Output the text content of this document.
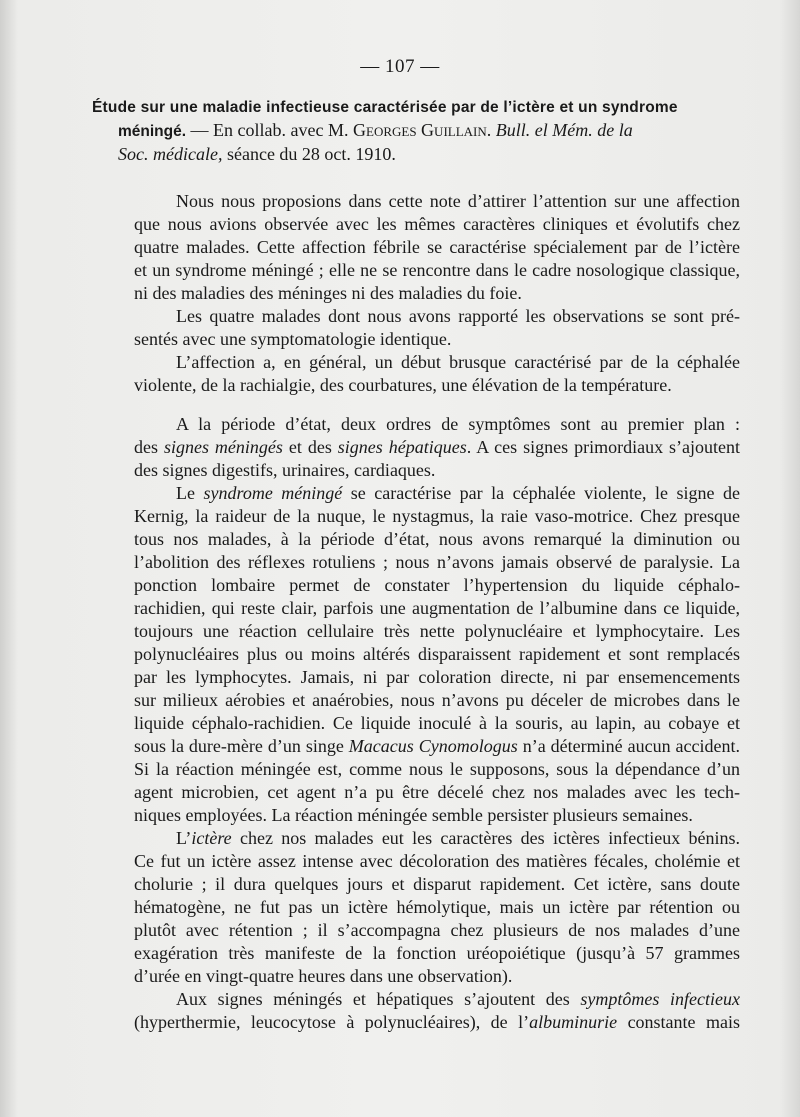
— 107 —
Étude sur une maladie infectieuse caractérisée par de l’ictère et un syndrome
méningé. — En collab. avec M. Georges Guillain. Bull. el Mém. de la
Soc. médicale, séance du 28 oct. 1910.

Nous nous proposions dans cette note d’attirer l’attention sur une affection
que nous avions observée avec les mêmes caractères cliniques et évolutifs chez
quatre malades. Cette affection fébrile se caractérise spécialement par de l’ictère
et un syndrome méningé ; elle ne se rencontre dans le cadre nosologique classique,
ni des maladies des méninges ni des maladies du foie.

Les quatre malades dont nous avons rapporté les observations se sont pré-
sentés avec une symptomatologie identique.

L’affection a, en général, un début brusque caractérisé par de la céphalée
violente, de la rachialgie, des courbatures, une élévation de la température.

A la période d’état, deux ordres de symptômes sont au premier plan :
des signes méningés et des signes hépatiques. A ces signes primordiaux s’ajoutent
des signes digestifs, urinaires, cardiaques.

Le syndrome méningé se caractérise par la céphalée violente, le signe de
Kernig, la raideur de la nuque, le nystagmus, la raie vaso-motrice. Chez presque
tous nos malades, à la période d’état, nous avons remarqué la diminution ou
l’abolition des réflexes rotuliens ; nous n’avons jamais observé de paralysie. La
ponction lombaire permet de constater l’hypertension du liquide céphalo-
rachidien, qui reste clair, parfois une augmentation de l’albumine dans ce liquide,
toujours une réaction cellulaire très nette polynucléaire et lymphocytaire. Les
polynucléaires plus ou moins altérés disparaissent rapidement et sont remplacés
par les lymphocytes. Jamais, ni par coloration directe, ni par ensemencements
sur milieux aérobies et anaérobies, nous n’avons pu déceler de microbes dans le
liquide céphalo-rachidien. Ce liquide inoculé à la souris, au lapin, au cobaye et
sous la dure-mère d’un singe Macacus Cynomologus n’a déterminé aucun accident.
Si la réaction méningée est, comme nous le supposons, sous la dépendance d’un
agent microbien, cet agent n’a pu être décelé chez nos malades avec les tech-
niques employées. La réaction méningée semble persister plusieurs semaines.

L’ictère chez nos malades eut les caractères des ictères infectieux bénins.
Ce fut un ictère assez intense avec décoloration des matières fécales, cholémie et
cholurie ; il dura quelques jours et disparut rapidement. Cet ictère, sans doute
hématogène, ne fut pas un ictère hémolytique, mais un ictère par rétention ou
plutôt avec rétention ; il s’accompagna chez plusieurs de nos malades d’une
exagération très manifeste de la fonction uréopoiétique (jusqu’à 57 grammes
d’urée en vingt-quatre heures dans une observation).

Aux signes méningés et hépatiques s’ajoutent des symptômes infectieux
(hyperthermie, leucocytose à polynucléaires), de l’albuminurie constante mais
